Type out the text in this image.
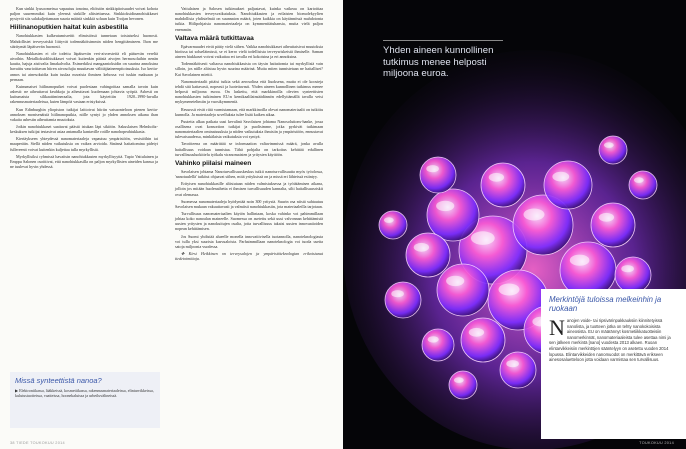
Kun sinkki lyusoomeissa vapautuu ionoina, eliöistön sinkkipitoisuudet voivat kohota paljon suuremmiksi kuin yleensä sinkille altistettaessa. Sinkkioksidinanohiukkaset pystyvät siis salakuljettamaan suuria määriä sinkkiä soluun kuin Troijan hevonen.

Hiilinanoputkien haitat kuin asbestilla

Nanohiukkasten kulkeutumisreitit elimistössä tunnetaan toistaiseksi huonosti. Mahdollisiet terveysriskit liittyvät todennäköisimmin niiden hengittämiseen. Ihon me siäritymät läpäisevän huonosti.

Nanohiukkasten ei ole todettu läpäisevän veri-aivoesteitä eli pääsevän vereltä aivoihin. Metallioksidihiukkaset voivat kuitenkin päästä aivojen hermosoluihin nenän kautta, hajuja aistivalta limakalvolta. Esimerkiksi mangaanioksidin on suurina annoksina havaittu vaurioittavan hiiren aivosolujia muuttavan välittäjäaineenpitoisuuksia. Iso kertta-annos tai ainesoksidia kuin tuulaa nuvaisia ihmisen kehossa voi tuskin maksaan ja pernaan.

Kuinumaiset hiilinanoputket voivat puolestaan vahingoittaa samalla tavoin kuin asbesti: ne aiheuttavat keuhkoja ja aiheuttavat kuolemaan johtavia syöpiä. Asbesti on kuitumaista silikaattimineraalia, jota käytettiin 1920–1990-luvulla rakennusmateriaaleissa, kuten lämpöä vastaan eristyksissä.

Kun Edinburghin yliopiston tutkijat laittoivat hiiriin vatsaonteloon pienen kertta-annoksen monisenäisiä hiilinanoputkia, niille syntyi jo yhden annoksen aikana ihan vakaita asbestin aiheuttamia muutoksia.

Jotkin nanohiukkaset saattavat päästä istukan läpi sikiöön. Sakuslaisen Helmholtz-keskuksen tutkijat testasivat asiaa antamalla kantaville rotille nanohopeahiukkasia.

Kiertäykseen yhteydessä nanomateriaaleja vapautuu ympäristöön, vesistöihin tai maaperään. Siellä niiden vaikutuksia on vaikea arvioida. Sinänsä haitattomina pidetyt fullereenit voivat kuitenkin kuljettaa tulla myrkyllisiä.

Myrkyllisiksi ryhmissä havaitsin nanohiukkasten myrkyllisyyttä. Tapio Vattulainen ja Emppu Salonen osoittivat, että nanohiukkasilla on paljon myrkyllisten aineiden kanssa ja ne tuulevat hyvin yhdessä.

Vattulaisen ja Salosen tutkimukset paljastavat, kuinka vaikeaa on kartoittaa nanohiukkasten terveysvaikutuksia. Nanohiukkasten ja erilaisten biomolekyylien mahdollisia yhdistelmiä on suunnaton määrä, joten kaikkia on käytännössä mahdotonta tutkia. Hiilipohjaisia nanomateriaaleja on kymmenitätuhansia, muita vielä paljon enemmän.

Valtava määrä tutkittavaa

Epävarmuudet eivät pääty vielä siihen. Vaikka nanohiukkaset aiheuttaisivat muutoksia biotissa tai solueläimissä, se ei kerro vielä todellisista terveysriskeistä ihmiselle. Saman aineen hiukkaset voivat vaikuttaa eri tavalla eri kokoisina ja eri annoksina.

Todennäköisesti valtaosa nanohiukkasista on täysin haitattomia tai myrkyllisiä vain silloin, jos niille altistuu hyvin suurina määrinä. Mutta miten tunnistetaan ne haitalliset? Kai Savolainen miettii.

Nanomateriaalit pitäisi tutkia sekä aerosolina että liuoksena, mutta ei ole koosteja tehdä sitä kattavasti, nopeasti ja luotettavasti. Yhden aineen kunnollinen tutkimus menee helposti miljoona euroa. On laskettu, että markkinoilla olevien synteettisten nanohiukkasten tutkiminen EU:n kemikaalilainsäädännön edellyttämällä tavalla veisi mykymeneteltmiin ja vuosikymmeniä.

Resurssit eivät riitä varmistamaan, että markkinoilla olevat nanomateriaalit on tutkittu kunnolla. Ja materiaaleja sovelluksia tulee lisää kaiken aikaa.

Puutetta alkaa paikata uusi kevalinä Savolaisen johtama Nanosolutions-hanke, jossa osallisena ovat konsortion tutkijat ja puolisimme, jotka pyrkivät tutkimaan nanomateriaalien ominaisuuksia ja niiden vaikutuksia ihmisiin ja ympäristöön, ennustavat tulevaisuudessa, minkälaisia vaikutuksia voi syntyä.

Tavoitteena on määrittää se informaation valtavimmissä määrä, jonka avulla haitallisuus voidaan tunnistaa. Tähä pohjalta on tarkoitus kehittää edullinen turvallisuusluokittelu työkalu viranomaisten ja yritysten käyttöön.

Vahinko piilaisi maineen

Savolaisen johtama Nanoturvallisuuskeskus tutkii nanoturvallisuutta myös työolossa, 'nanotuulellä' tutkitut ohjaavat siihen, mitä yrityksissä on ja missä eri lähteissä esiintyy.

Erityisen nanohiukkasille altistutaan niiden valmistuksessa ja työtätämisen aikana, jolloin jos mitään huolenaihetta ei ihmisen turvallisuuden kannalta, silti haitallisuusriskit ovat olemassa.

Suomessa nanomateriaaleja hyödyntää noin 300 yritystä. Suurin osa niistä suhtautuu Savolaisen mukaan vakuuttavasti ja valmiisti nanohiukkasiin, jota materiaaleilla tarjotaan.

Turvallisuus nanomateriaalien käytön hallintaan, koska vahinko voi pahimmillaan johtaa koko nanoalan maineelle. Suomessa on asetettu sekä uusi valvonnan kehittämistä uusien yritysten ja nanokuitujen osalta, jotta turvallisuus takaisi uusien innovaatioiden nopean kehittämisen.

Jos Suomi yhdistää alueelle monella innovatiivisella tuotannolla, nanoteknologiasta voi tulla yksi suurista kasvualoista. Parhaimmillaan nanoteknologia voi tuoda useita satoja miljoonia vuodessa.

✥ Kirsi Heikkinen on terveysalojen ja ympäristöteknologian erikoistunut tiedetoimittaja.

Missä synteettistä nanoa?
▶ Elektroniikassa, lääkkeissä, kosmetiikassa, rakennusmateriaaleissa, elintarvikkeissa, kulutustuotteissa, vaatteissa, hoonekaluissa ja urheiluvälineissä.
38 TIEDE TOUKOKUU 2014
Yhden aineen kunnollinen tutkimus menee helposti miljoona euroa.
Merkintöjä tuloissa melkeinhin ja ruokaan
Nanojen voide- tai ripsivärinpakkauksiin kiinnitetyissä nanolista, ja tuotteen jotka on tehty nanokokoisista aineosista. EU on määrännyt kosmetiikkatuotteisiin nanomerkinnät, nanomateriaaleista tulee asettaa nimi ja sen jälkeen merkintä [nano] vuodesta 2013 alkaen. Ruoan elintarvikkeisiin merkintöjen sääntelyyn on asetettu vuoden 2014 lopussa. Elintarvikkeiden nanomuodot on merkittävä erikseen ainesosaluetteloon jotta voidaan varmistaa sen turvallisuus.
TOUKOKUU 2014
